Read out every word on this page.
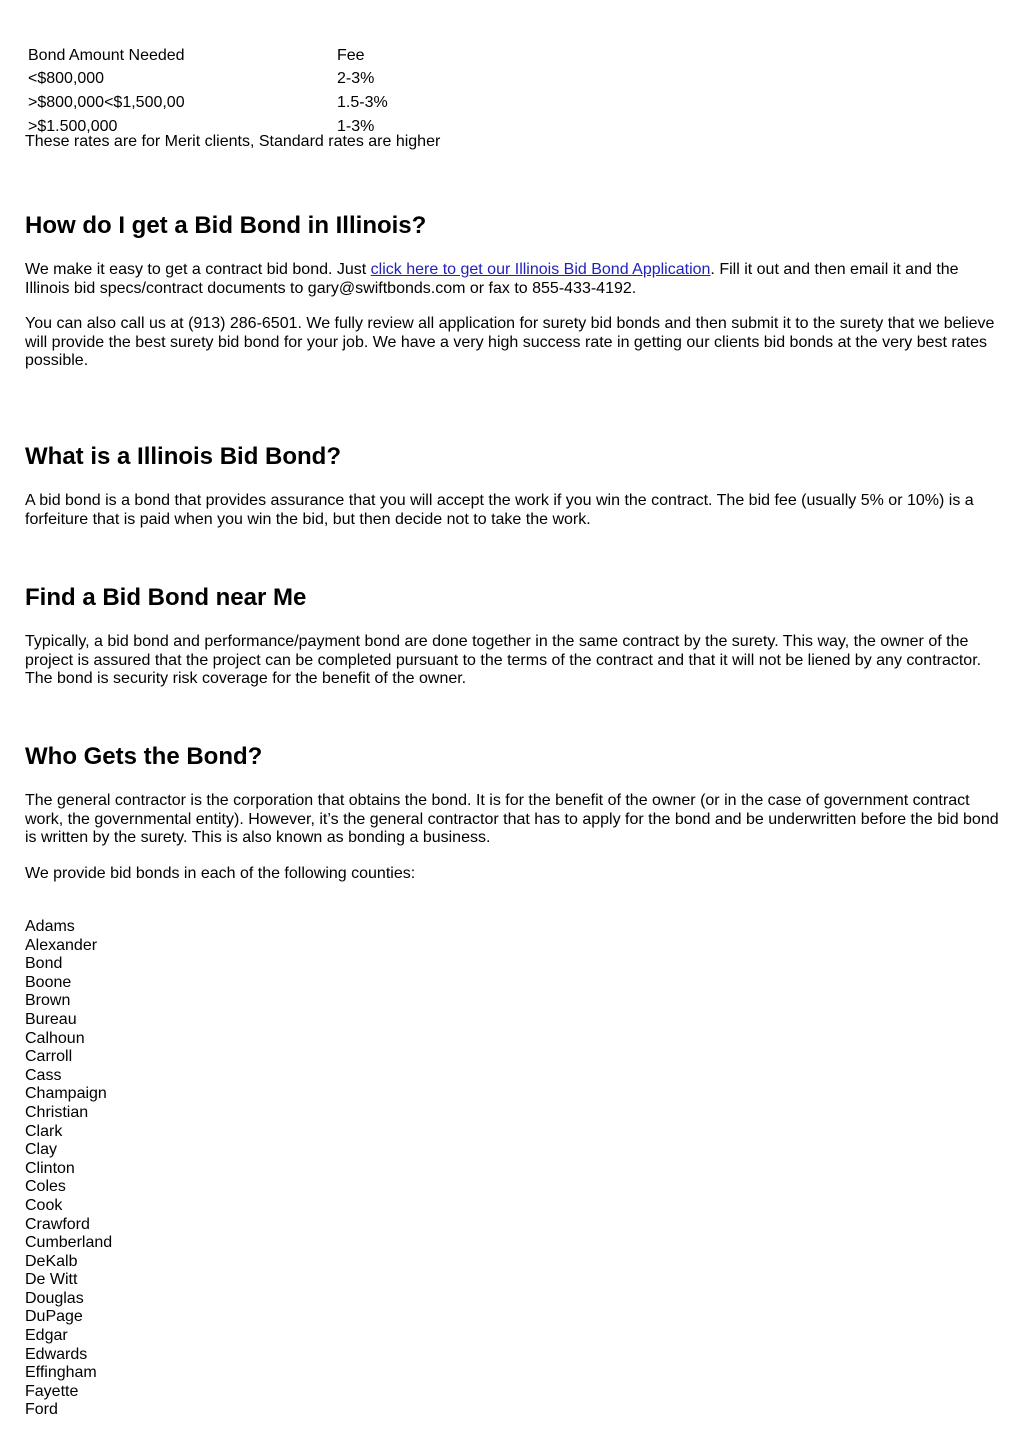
Bond Amount Needed	Fee
<$800,000	2-3%
>$800,000<$1,500,00	1.5-3%
>$1.500,000	1-3%

These rates are for Merit clients, Standard rates are higher

How do I get a Bid Bond in Illinois?

We make it easy to get a contract bid bond. Just click here to get our Illinois Bid Bond Application. Fill it out and then email it and the Illinois bid specs/contract documents to gary@swiftbonds.com or fax to 855-433-4192.

You can also call us at (913) 286-6501. We fully review all application for surety bid bonds and then submit it to the surety that we believe will provide the best surety bid bond for your job. We have a very high success rate in getting our clients bid bonds at the very best rates possible.

What is a Illinois Bid Bond?

A bid bond is a bond that provides assurance that you will accept the work if you win the contract. The bid fee (usually 5% or 10%) is a forfeiture that is paid when you win the bid, but then decide not to take the work.

Find a Bid Bond near Me

Typically, a bid bond and performance/payment bond are done together in the same contract by the surety. This way, the owner of the project is assured that the project can be completed pursuant to the terms of the contract and that it will not be liened by any contractor. The bond is security risk coverage for the benefit of the owner.

Who Gets the Bond?

The general contractor is the corporation that obtains the bond. It is for the benefit of the owner (or in the case of government contract work, the governmental entity). However, it’s the general contractor that has to apply for the bond and be underwritten before the bid bond is written by the surety. This is also known as bonding a business.

We provide bid bonds in each of the following counties:

Adams
Alexander
Bond
Boone
Brown
Bureau
Calhoun
Carroll
Cass
Champaign
Christian
Clark
Clay
Clinton
Coles
Cook
Crawford
Cumberland
DeKalb
De Witt
Douglas
DuPage
Edgar
Edwards
Effingham
Fayette
Ford
